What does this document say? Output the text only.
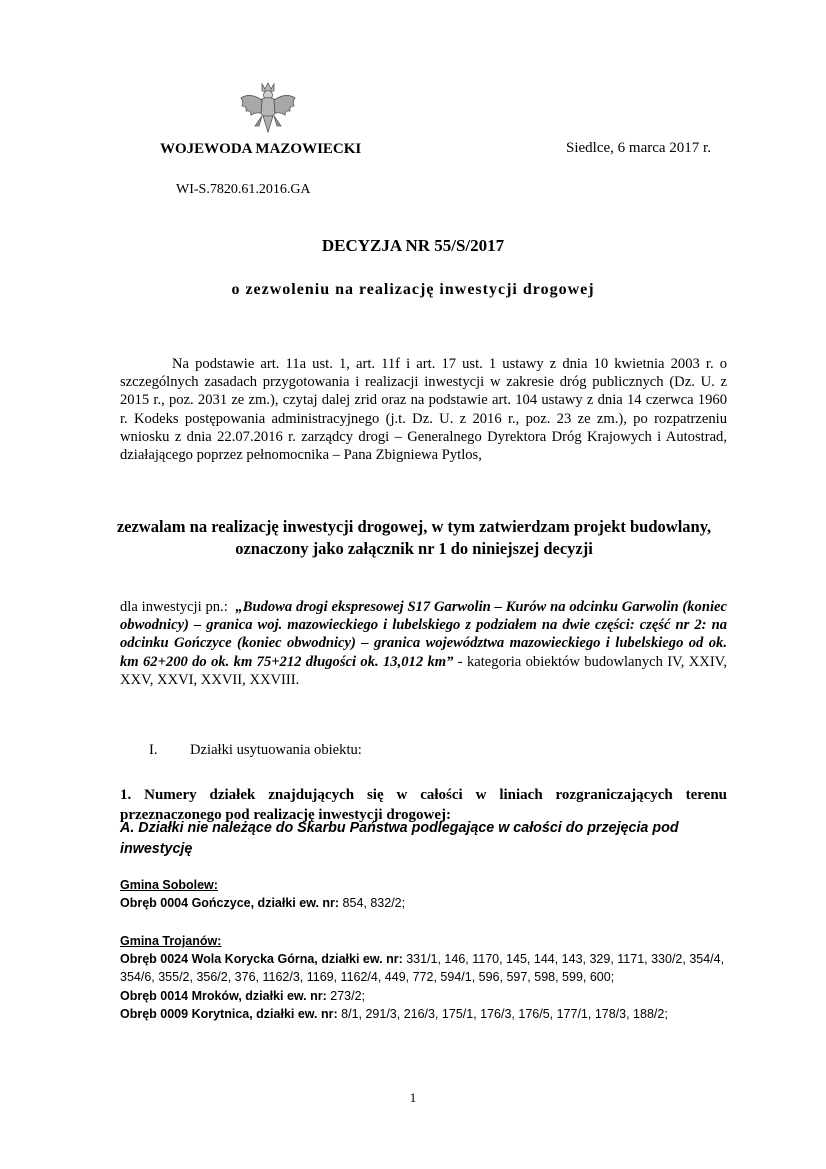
WOJEWODA MAZOWIECKI	Siedlce, 6 marca 2017 r.
WI-S.7820.61.2016.GA
DECYZJA NR 55/S/2017
o zezwoleniu na realizację inwestycji drogowej
Na podstawie art. 11a ust. 1, art. 11f i art. 17 ust. 1 ustawy z dnia 10 kwietnia 2003 r. o szczególnych zasadach przygotowania i realizacji inwestycji w zakresie dróg publicznych (Dz. U. z 2015 r., poz. 2031 ze zm.), czytaj dalej zrid oraz na podstawie art. 104 ustawy z dnia 14 czerwca 1960 r. Kodeks postępowania administracyjnego (j.t. Dz. U. z 2016 r., poz. 23 ze zm.), po rozpatrzeniu wniosku z dnia 22.07.2016 r. zarządcy drogi – Generalnego Dyrektora Dróg Krajowych i Autostrad, działającego poprzez pełnomocnika – Pana Zbigniewa Pytlos,
zezwalam na realizację inwestycji drogowej, w tym zatwierdzam projekt budowlany, oznaczony jako załącznik nr 1 do niniejszej decyzji
dla inwestycji pn.: „Budowa drogi ekspresowej S17 Garwolin – Kurów na odcinku Garwolin (koniec obwodnicy) – granica woj. mazowieckiego i lubelskiego z podziałem na dwie części: część nr 2: na odcinku Gończyce (koniec obwodnicy) – granica województwa mazowieckiego i lubelskiego od ok. km 62+200 do ok. km 75+212 długości ok. 13,012 km” - kategoria obiektów budowlanych IV, XXIV, XXV, XXVI, XXVII, XXVIII.
I. Działki usytuowania obiektu:
1. Numery działek znajdujących się w całości w liniach rozgraniczających terenu przeznaczonego pod realizację inwestycji drogowej:
A. Działki nie należące do Skarbu Państwa podlegające w całości do przejęcia pod inwestycję
Gmina Sobolew:
Obręb 0004 Gończyce, działki ew. nr: 854, 832/2;
Gmina Trojanów:
Obręb 0024 Wola Korycka Górna, działki ew. nr: 331/1, 146, 1170, 145, 144, 143, 329, 1171, 330/2, 354/4, 354/6, 355/2, 356/2, 376, 1162/3, 1169, 1162/4, 449, 772, 594/1, 596, 597, 598, 599, 600;
Obręb 0014 Mroków, działki ew. nr: 273/2;
Obręb 0009 Korytnica, działki ew. nr: 8/1, 291/3, 216/3, 175/1, 176/3, 176/5, 177/1, 178/3, 188/2;
1
